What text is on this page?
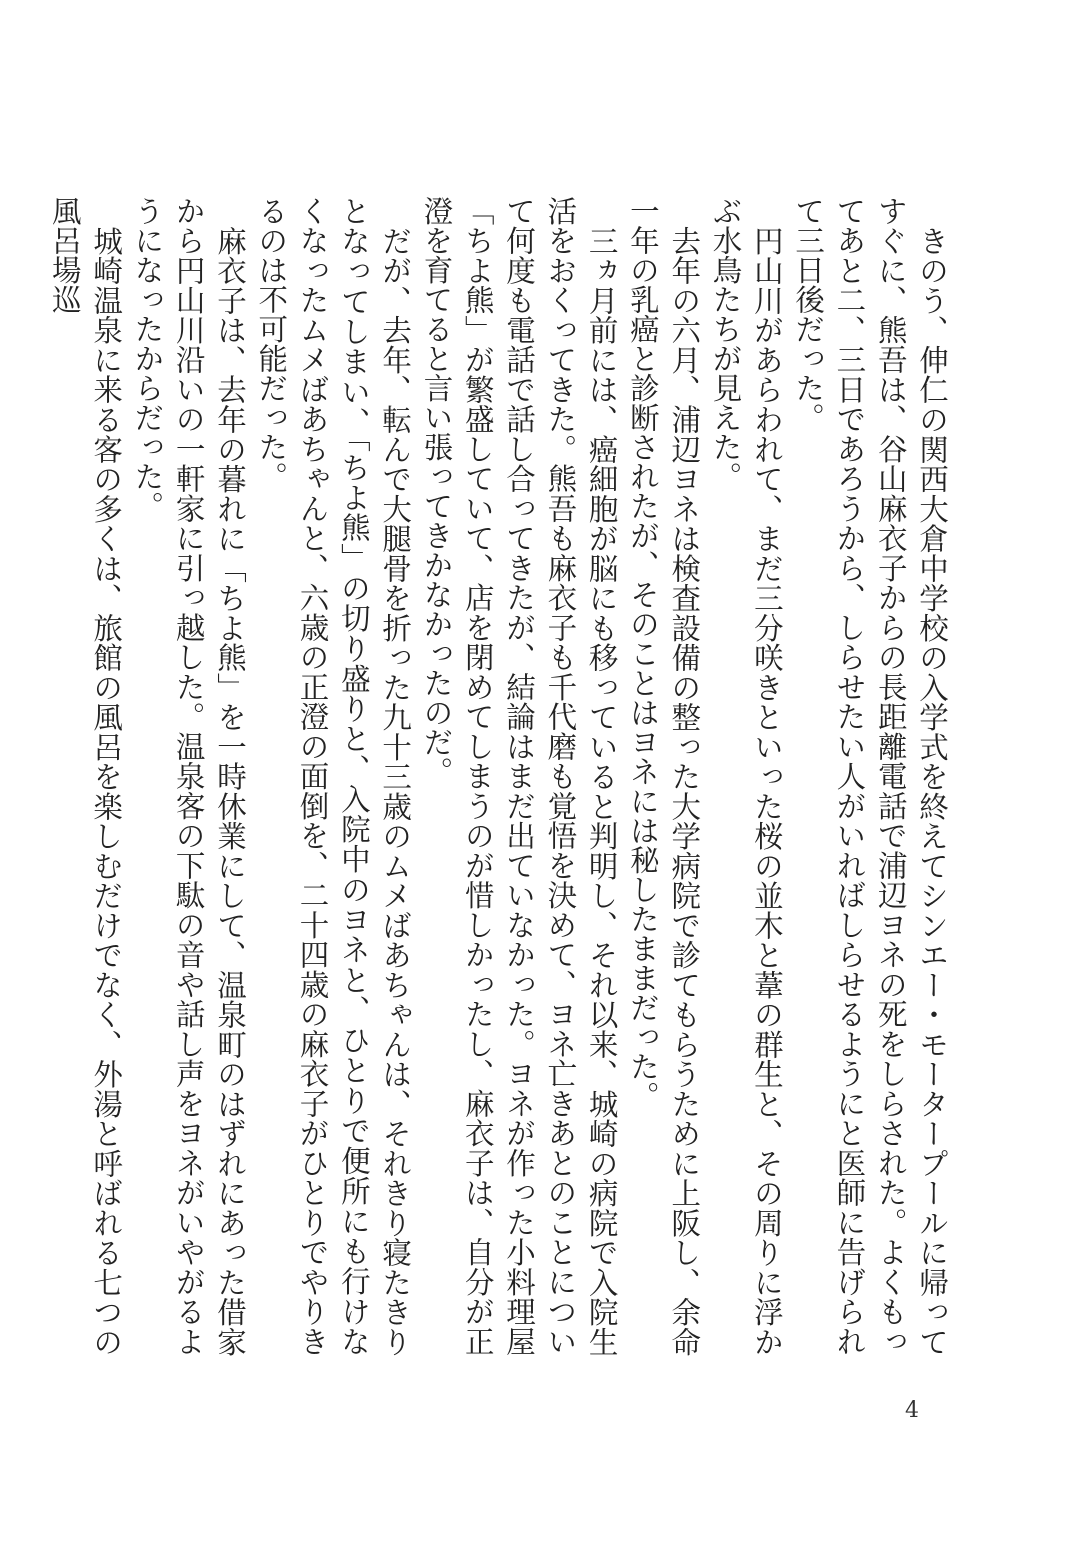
きのう、伸仁の関西大倉中学校の入学式を終えてシンエー・モータープールに帰ってすぐに、熊吾は、谷山麻衣子からの長距離電話で浦辺ヨネの死をしらされた。よくもってあと二、三日であろうから、しらせたい人がいればしらせるようにと医師に告げられて三日後だった。

円山川があらわれて、まだ三分咲きといった桜の並木と葦の群生と、その周りに浮かぶ水鳥たちが見えた。

去年の六月、浦辺ヨネは検査設備の整った大学病院で診てもらうために上阪し、余命一年の乳癌と診断されたが、そのことはヨネには秘したままだった。

三ヵ月前には、癌細胞が脳にも移っていると判明し、それ以来、城崎の病院で入院生活をおくってきた。熊吾も麻衣子も千代磨も覚悟を決めて、ヨネ亡きあとのことについて何度も電話で話し合ってきたが、結論はまだ出ていなかった。ヨネが作った小料理屋「ちよ熊」が繁盛していて、店を閉めてしまうのが惜しかったし、麻衣子は、自分が正澄を育てると言い張ってきかなかったのだ。

だが、去年、転んで大腿骨を折った九十三歳のムメばあちゃんは、それきり寝たきりとなってしまい、「ちよ熊」の切り盛りと、入院中のヨネと、ひとりで便所にも行けなくなったムメばあちゃんと、六歳の正澄の面倒を、二十四歳の麻衣子がひとりでやりきるのは不可能だった。

麻衣子は、去年の暮れに「ちよ熊」を一時休業にして、温泉町のはずれにあった借家から円山川沿いの一軒家に引っ越した。温泉客の下駄の音や話し声をヨネがいやがるようになったからだった。

城崎温泉に来る客の多くは、旅館の風呂を楽しむだけでなく、外湯と呼ばれる七つの風呂場巡

4
